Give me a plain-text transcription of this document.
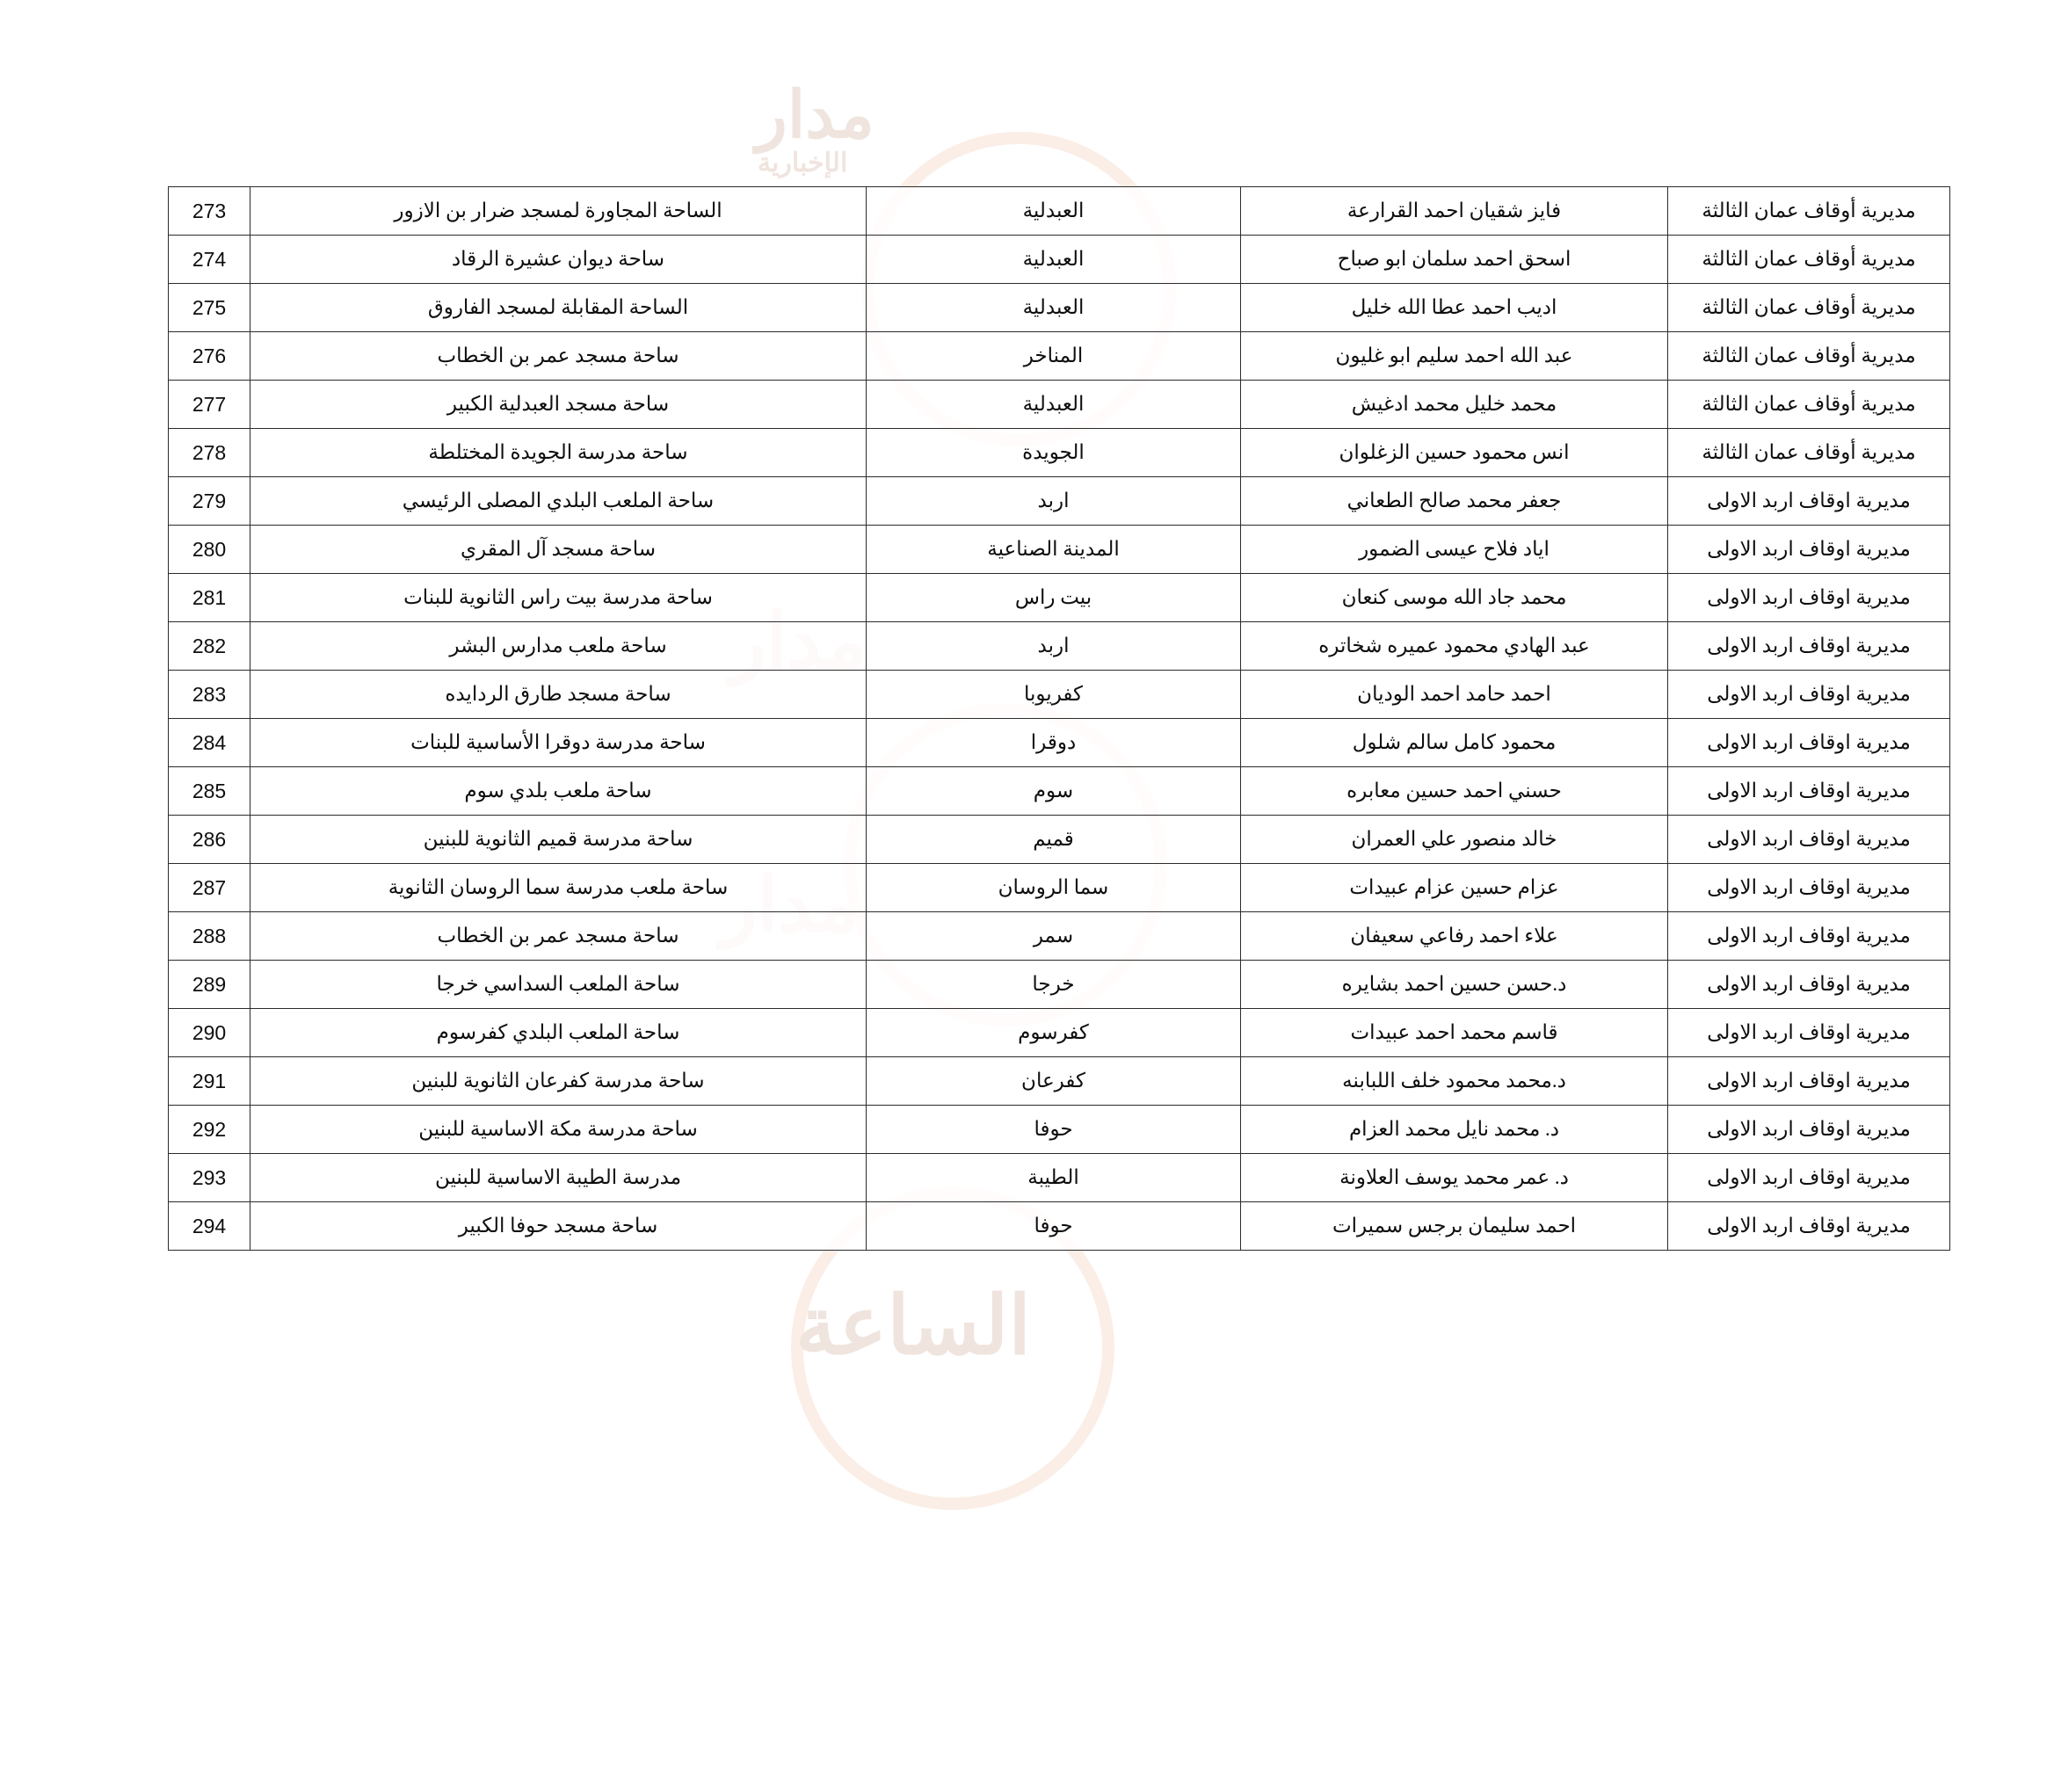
مدار
الإخبارية
الساعة
مديرية أوقاف عمان الثالثة	فايز شقيان احمد القرارعة	العبدلية	الساحة المجاورة لمسجد ضرار بن الازور	273
مديرية أوقاف عمان الثالثة	اسحق احمد سلمان ابو صباح	العبدلية	ساحة ديوان عشيرة الرقاد	274
مديرية أوقاف عمان الثالثة	اديب احمد عطا الله خليل	العبدلية	الساحة المقابلة لمسجد الفاروق	275
مديرية أوقاف عمان الثالثة	عبد الله احمد سليم ابو غليون	المناخر	ساحة مسجد عمر بن الخطاب	276
مديرية أوقاف عمان الثالثة	محمد خليل محمد ادغيش	العبدلية	ساحة مسجد العبدلية الكبير	277
مديرية أوقاف عمان الثالثة	انس محمود حسين الزغلوان	الجويدة	ساحة مدرسة الجويدة المختلطة	278
مديرية اوقاف اربد الاولى	جعفر محمد صالح الطعاني	اربد	ساحة الملعب البلدي المصلى الرئيسي	279
مديرية اوقاف اربد الاولى	اياد فلاح عيسى الضمور	المدينة الصناعية	ساحة مسجد آل المقري	280
مديرية اوقاف اربد الاولى	محمد جاد الله موسى كنعان	بيت راس	ساحة مدرسة بيت راس الثانوية للبنات	281
مديرية اوقاف اربد الاولى	عبد الهادي محمود عميره شخاتره	اربد	ساحة ملعب مدارس البشر	282
مديرية اوقاف اربد الاولى	احمد حامد احمد الوديان	كفريوبا	ساحة مسجد طارق الردايده	283
مديرية اوقاف اربد الاولى	محمود كامل سالم شلول	دوقرا	ساحة مدرسة دوقرا الأساسية للبنات	284
مديرية اوقاف اربد الاولى	حسني احمد حسين معابره	سوم	ساحة ملعب بلدي سوم	285
مديرية اوقاف اربد الاولى	خالد منصور علي العمران	قميم	ساحة مدرسة قميم الثانوية للبنين	286
مديرية اوقاف اربد الاولى	عزام حسين عزام عبيدات	سما الروسان	ساحة ملعب مدرسة سما الروسان الثانوية	287
مديرية اوقاف اربد الاولى	علاء احمد رفاعي سعيفان	سمر	ساحة مسجد عمر بن الخطاب	288
مديرية اوقاف اربد الاولى	د.حسن حسين احمد بشايره	خرجا	ساحة الملعب السداسي خرجا	289
مديرية اوقاف اربد الاولى	قاسم محمد احمد عبيدات	كفرسوم	ساحة الملعب البلدي كفرسوم	290
مديرية اوقاف اربد الاولى	د.محمد محمود خلف اللبابنه	كفرعان	ساحة مدرسة كفرعان الثانوية للبنين	291
مديرية اوقاف اربد الاولى	د. محمد نايل محمد العزام	حوفا	ساحة مدرسة مكة الاساسية للبنين	292
مديرية اوقاف اربد الاولى	د. عمر محمد يوسف العلاونة	الطيبة	مدرسة الطيبة الاساسية للبنين	293
مديرية اوقاف اربد الاولى	احمد سليمان برجس سميرات	حوفا	ساحة مسجد حوفا الكبير	294
